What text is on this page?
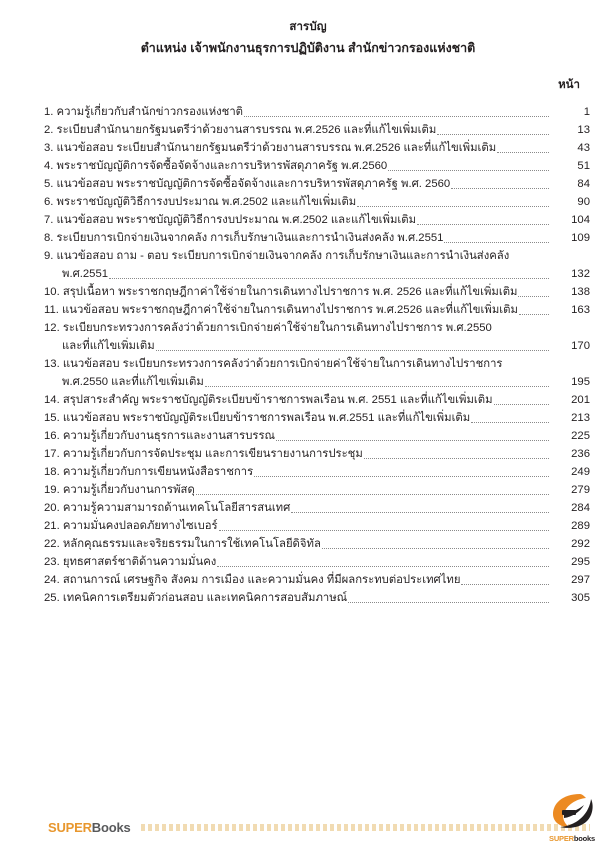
สารบัญ
ตำแหน่ง เจ้าพนักงานธุรการปฏิบัติงาน สำนักข่าวกรองแห่งชาติ
หน้า
1. ความรู้เกี่ยวกับสำนักข่าวกรองแห่งชาติ	1
2. ระเบียบสำนักนายกรัฐมนตรีว่าด้วยงานสารบรรณ พ.ศ.2526 และที่แก้ไขเพิ่มเติม	13
3. แนวข้อสอบ ระเบียบสำนักนายกรัฐมนตรีว่าด้วยงานสารบรรณ พ.ศ.2526 และที่แก้ไขเพิ่มเติม	43
4. พระราชบัญญัติการจัดซื้อจัดจ้างและการบริหารพัสดุภาครัฐ พ.ศ.2560	51
5. แนวข้อสอบ พระราชบัญญัติการจัดซื้อจัดจ้างและการบริหารพัสดุภาครัฐ พ.ศ. 2560	84
6. พระราชบัญญัติวิธีการงบประมาณ พ.ศ.2502 และแก้ไขเพิ่มเติม	90
7. แนวข้อสอบ พระราชบัญญัติวิธีการงบประมาณ พ.ศ.2502 และแก้ไขเพิ่มเติม	104
8. ระเบียบการเบิกจ่ายเงินจากคลัง การเก็บรักษาเงินและการนำเงินส่งคลัง พ.ศ.2551	109
9. แนวข้อสอบ ถาม - ตอบ ระเบียบการเบิกจ่ายเงินจากคลัง การเก็บรักษาเงินและการนำเงินส่งคลัง
พ.ศ.2551	132
10. สรุปเนื้อหา พระราชกฤษฎีกาค่าใช้จ่ายในการเดินทางไปราชการ พ.ศ. 2526 และที่แก้ไขเพิ่มเติม	138
11. แนวข้อสอบ พระราชกฤษฎีกาค่าใช้จ่ายในการเดินทางไปราชการ พ.ศ.2526 และที่แก้ไขเพิ่มเติม	163
12. ระเบียบกระทรวงการคลังว่าด้วยการเบิกจ่ายค่าใช้จ่ายในการเดินทางไปราชการ พ.ศ.2550
และที่แก้ไขเพิ่มเติม	170
13. แนวข้อสอบ ระเบียบกระทรวงการคลังว่าด้วยการเบิกจ่ายค่าใช้จ่ายในการเดินทางไปราชการ
พ.ศ.2550 และที่แก้ไขเพิ่มเติม	195
14. สรุปสาระสำคัญ พระราชบัญญัติระเบียบข้าราชการพลเรือน พ.ศ. 2551 และที่แก้ไขเพิ่มเติม	201
15. แนวข้อสอบ พระราชบัญญัติระเบียบข้าราชการพลเรือน พ.ศ.2551 และที่แก้ไขเพิ่มเติม	213
16. ความรู้เกี่ยวกับงานธุรการและงานสารบรรณ	225
17. ความรู้เกี่ยวกับการจัดประชุม และการเขียนรายงานการประชุม	236
18. ความรู้เกี่ยวกับการเขียนหนังสือราชการ	249
19. ความรู้เกี่ยวกับงานการพัสดุ	279
20. ความรู้ความสามารถด้านเทคโนโลยีสารสนเทศ	284
21. ความมั่นคงปลอดภัยทางไซเบอร์	289
22. หลักคุณธรรมและจริยธรรมในการใช้เทคโนโลยีดิจิทัล	292
23. ยุทธศาสตร์ชาติด้านความมั่นคง	295
24. สถานการณ์ เศรษฐกิจ สังคม การเมือง และความมั่นคง ที่มีผลกระทบต่อประเทศไทย	297
25. เทคนิคการเตรียมตัวก่อนสอบ และเทคนิคการสอบสัมภาษณ์	305
SUPERBooks
SUPERbooks
